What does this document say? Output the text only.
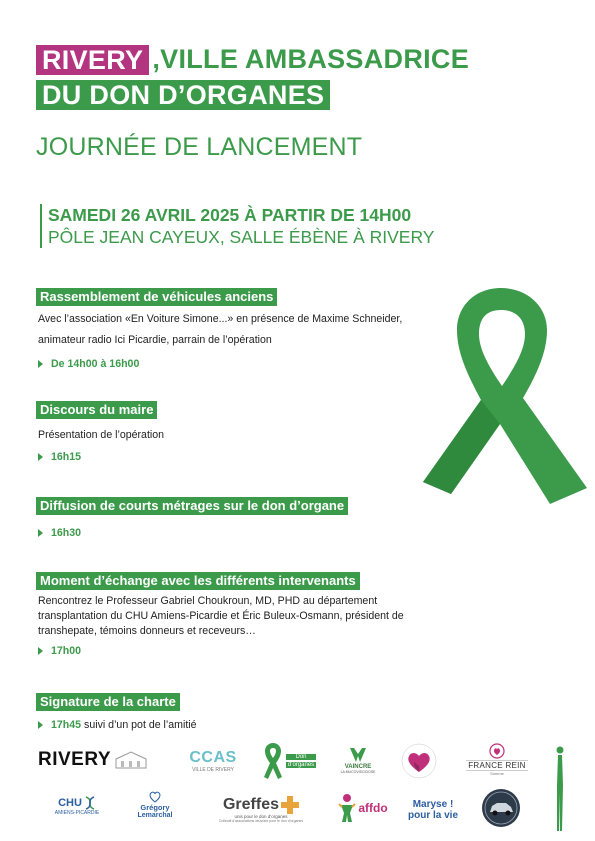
RIVERY ,VILLE AMBASSADRICE
DU DON D’ORGANES
JOURNÉE DE LANCEMENT
SAMEDI 26 AVRIL 2025 À PARTIR DE 14H00
PÔLE JEAN CAYEUX, SALLE ÉBÈNE À RIVERY
Rassemblement de véhicules anciens

Avec l’association «En Voiture Simone...» en présence de Maxime Schneider,

animateur radio Ici Picardie, parrain de l’opération

De 14h00 à 16h00
Discours du maire

Présentation de l’opération

16h15
Diffusion de courts métrages sur le don d’organe
16h30
Moment d’échange avec les différents intervenants

Rencontrez le Professeur Gabriel Choukroun, MD, PHD au département

transplantation du CHU Amiens-Picardie et Éric Buleux-Osmann, président de

transhepate, témoins donneurs et receveurs…

17h00
Signature de la charte
17h45 suivi d’un pot de l’amitié
RIVERY	CCAS
VILLE DE RIVERY
Don
d’organes	VAINCRE
LA MUCOVISCIDOSE
FRANCE REIN
Somme
CHU
AMIENS-PICARDIE
Grégory
Lemarchal
Greffes
unis pour le don d’organes
Collectif d’associations œuvrant pour le don d’organes
affdo	Maryse !
pour la vie
